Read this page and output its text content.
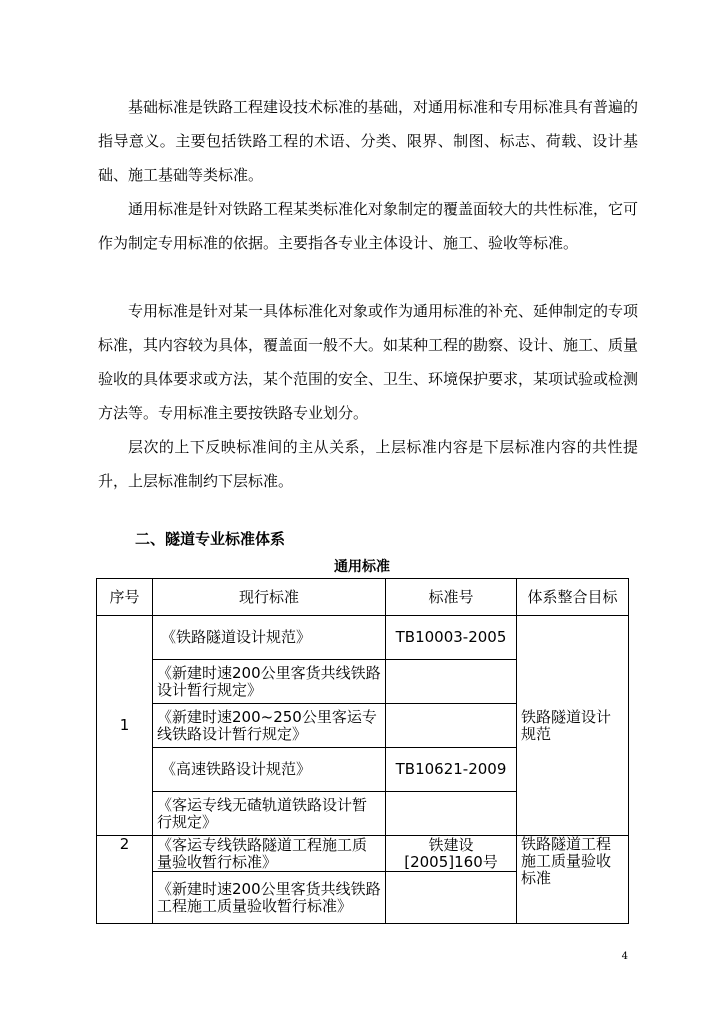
基础标准是铁路工程建设技术标准的基础，对通用标准和专用标准具有普遍的指导意义。主要包括铁路工程的术语、分类、限界、制图、标志、荷载、设计基础、施工基础等类标准。

通用标准是针对铁路工程某类标准化对象制定的覆盖面较大的共性标准，它可作为制定专用标准的依据。主要指各专业主体设计、施工、验收等标准。

专用标准是针对某一具体标准化对象或作为通用标准的补充、延伸制定的专项标准，其内容较为具体，覆盖面一般不大。如某种工程的勘察、设计、施工、质量验收的具体要求或方法，某个范围的安全、卫生、环境保护要求，某项试验或检测方法等。专用标准主要按铁路专业划分。

层次的上下反映标准间的主从关系，上层标准内容是下层标准内容的共性提升，上层标准制约下层标准。

二、隧道专业标准体系

通用标准
序号	现行标准	标准号	体系整合目标
1	《铁路隧道设计规范》	TB10003-2005	铁路隧道设计规范
	《新建时速200公里客货共线铁路设计暂行规定》		
	《新建时速200~250公里客运专线铁路设计暂行规定》		
	《高速铁路设计规范》	TB10621-2009	
	《客运专线无碴轨道铁路设计暂行规定》		
2	《客运专线铁路隧道工程施工质量验收暂行标准》	铁建设[2005]160号	铁路隧道工程施工质量验收标准
	《新建时速200公里客货共线铁路工程施工质量验收暂行标准》		
4
